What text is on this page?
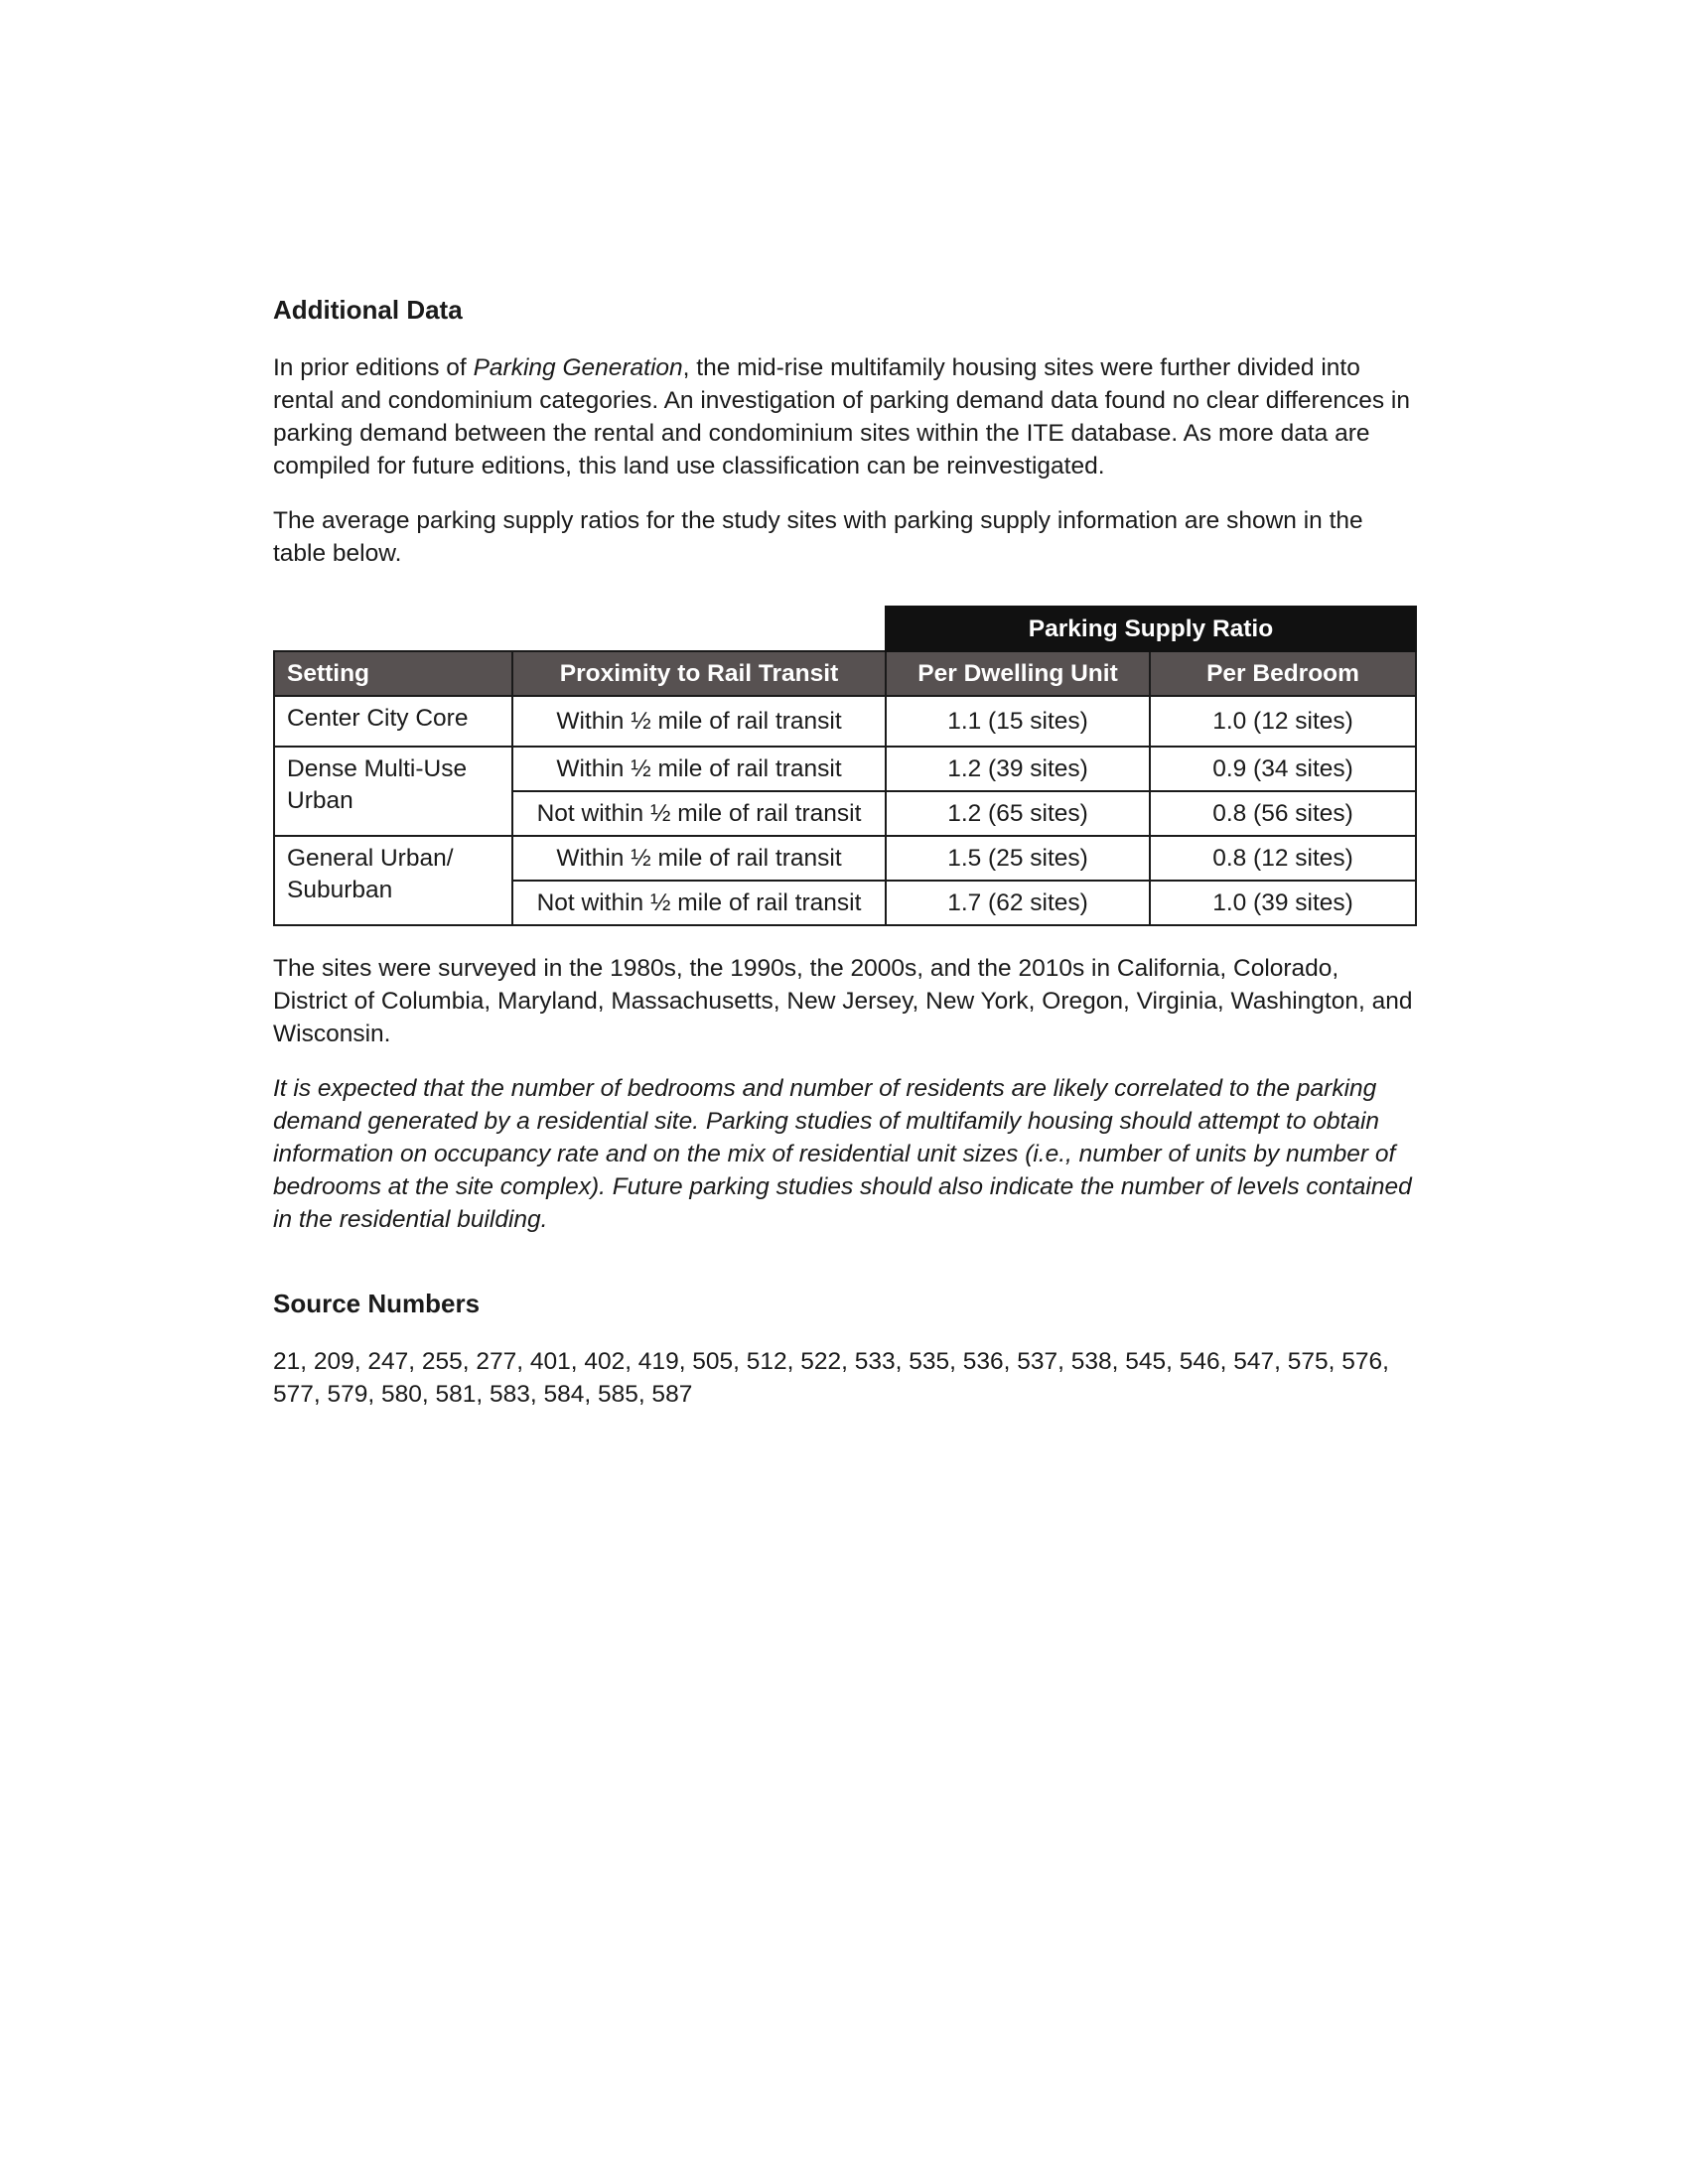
Additional Data

In prior editions of Parking Generation, the mid-rise multifamily housing sites were further divided into rental and condominium categories. An investigation of parking demand data found no clear differences in parking demand between the rental and condominium sites within the ITE database. As more data are compiled for future editions, this land use classification can be reinvestigated.

The average parking supply ratios for the study sites with parking supply information are shown in the table below.

		Parking Supply Ratio	
Setting	Proximity to Rail Transit	Per Dwelling Unit	Per Bedroom
Center City Core	Within ½ mile of rail transit	1.1 (15 sites)	1.0 (12 sites)
Dense Multi-Use Urban	Within ½ mile of rail transit	1.2 (39 sites)	0.9 (34 sites)
	Not within ½ mile of rail transit	1.2 (65 sites)	0.8 (56 sites)
General Urban/ Suburban	Within ½ mile of rail transit	1.5 (25 sites)	0.8 (12 sites)
	Not within ½ mile of rail transit	1.7 (62 sites)	1.0 (39 sites)

The sites were surveyed in the 1980s, the 1990s, the 2000s, and the 2010s in California, Colorado, District of Columbia, Maryland, Massachusetts, New Jersey, New York, Oregon, Virginia, Washington, and Wisconsin.

It is expected that the number of bedrooms and number of residents are likely correlated to the parking demand generated by a residential site. Parking studies of multifamily housing should attempt to obtain information on occupancy rate and on the mix of residential unit sizes (i.e., number of units by number of bedrooms at the site complex). Future parking studies should also indicate the number of levels contained in the residential building.

Source Numbers

21, 209, 247, 255, 277, 401, 402, 419, 505, 512, 522, 533, 535, 536, 537, 538, 545, 546, 547, 575, 576, 577, 579, 580, 581, 583, 584, 585, 587
